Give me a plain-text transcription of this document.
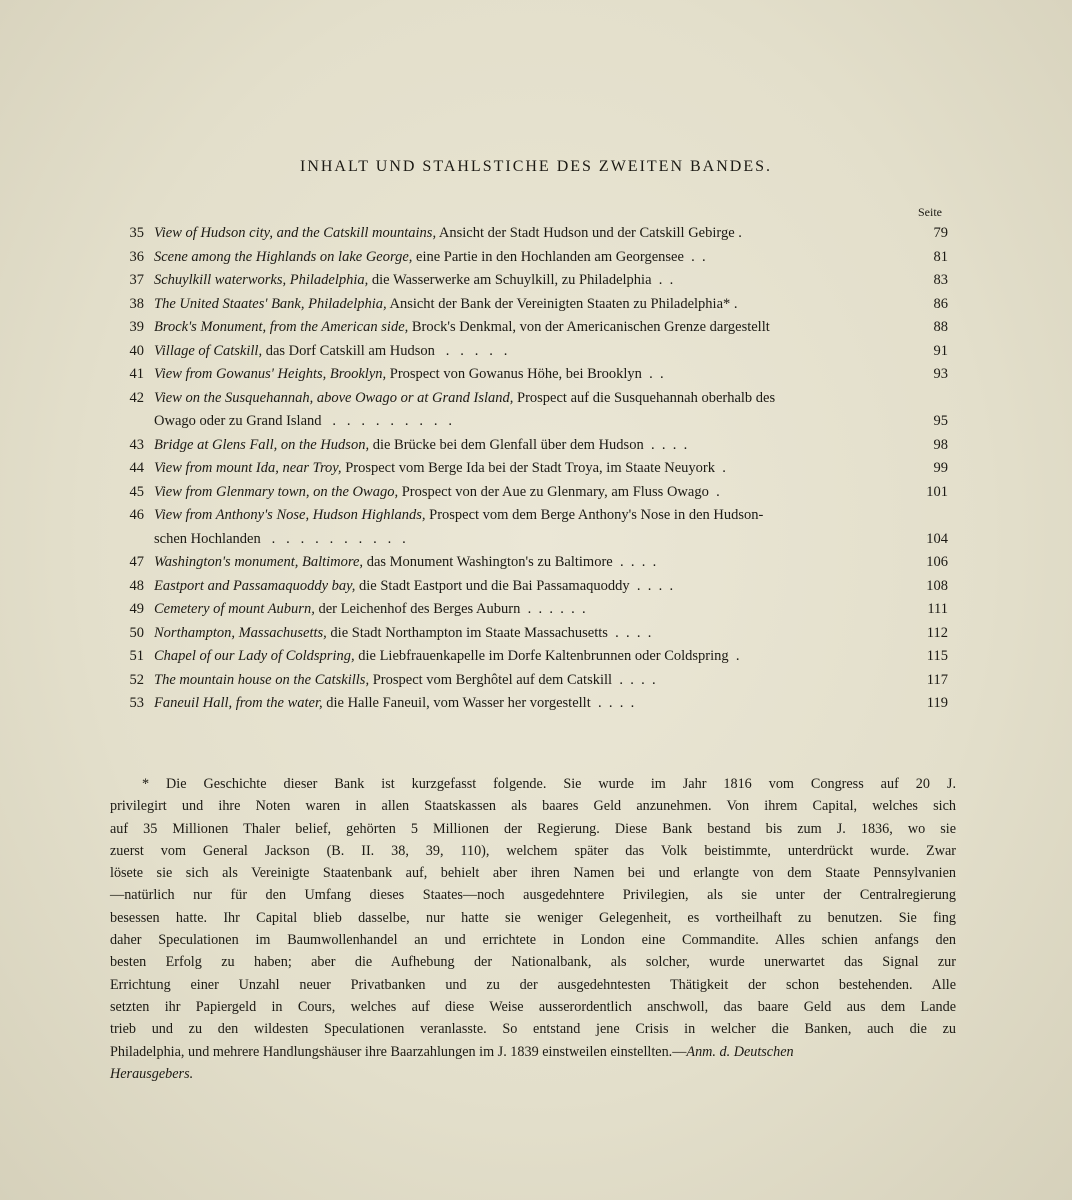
INHALT UND STAHLSTICHE DES ZWEITEN BANDES.
Seite
35 View of Hudson city, and the Catskill mountains, Ansicht der Stadt Hudson und der Catskill Gebirge .	79
36 Scene among the Highlands on lake George, eine Partie in den Hochlanden am Georgensee  .  .	81
37 Schuylkill waterworks, Philadelphia, die Wasserwerke am Schuylkill, zu Philadelphia  .  .	83
38 The United Staates' Bank, Philadelphia, Ansicht der Bank der Vereinigten Staaten zu Philadelphia* .	86
39 Brock's Monument, from the American side, Brock's Denkmal, von der Americanischen Grenze dargestellt	88
40 Village of Catskill, das Dorf Catskill am Hudson   .   .   .   .   .	91
41 View from Gowanus' Heights, Brooklyn, Prospect von Gowanus Höhe, bei Brooklyn  .  .	93
42 View on the Susquehannah, above Owago or at Grand Island, Prospect auf die Susquehannah oberhalb des
Owago oder zu Grand Island   .   .   .   .   .   .   .   .   .	95
43 Bridge at Glens Fall, on the Hudson, die Brücke bei dem Glenfall über dem Hudson  .  .  .  .	98
44 View from mount Ida, near Troy, Prospect vom Berge Ida bei der Stadt Troya, im Staate Neuyork  .	99
45 View from Glenmary town, on the Owago, Prospect von der Aue zu Glenmary, am Fluss Owago  .	101
46 View from Anthony's Nose, Hudson Highlands, Prospect vom dem Berge Anthony's Nose in den Hudson-
schen Hochlanden   .   .   .   .   .   .   .   .   .   .	104
47 Washington's monument, Baltimore, das Monument Washington's zu Baltimore  .  .  .  .	106
48 Eastport and Passamaquoddy bay, die Stadt Eastport und die Bai Passamaquoddy  .  .  .  .	108
49 Cemetery of mount Auburn, der Leichenhof des Berges Auburn  .  .  .  .  .  .	111
50 Northampton, Massachusetts, die Stadt Northampton im Staate Massachusetts  .  .  .  .	112
51 Chapel of our Lady of Coldspring, die Liebfrauenkapelle im Dorfe Kaltenbrunnen oder Coldspring  .	115
52 The mountain house on the Catskills, Prospect vom Berghôtel auf dem Catskill  .  .  .  .	117
53 Faneuil Hall, from the water, die Halle Faneuil, vom Wasser her vorgestellt  .  .  .  .	119
* Die Geschichte dieser Bank ist kurzgefasst folgende. Sie wurde im Jahr 1816 vom Congress auf 20 J.
privilegirt und ihre Noten waren in allen Staatskassen als baares Geld anzunehmen. Von ihrem Capital, welches sich
auf 35 Millionen Thaler belief, gehörten 5 Millionen der Regierung. Diese Bank bestand bis zum J. 1836, wo sie
zuerst vom General Jackson (B. II. 38, 39, 110), welchem später das Volk beistimmte, unterdrückt wurde. Zwar
lösete sie sich als Vereinigte Staatenbank auf, behielt aber ihren Namen bei und erlangte von dem Staate Pennsylvanien
—natürlich nur für den Umfang dieses Staates—noch ausgedehntere Privilegien, als sie unter der Centralregierung
besessen hatte. Ihr Capital blieb dasselbe, nur hatte sie weniger Gelegenheit, es vortheilhaft zu benutzen. Sie fing
daher Speculationen im Baumwollenhandel an und errichtete in London eine Commandite. Alles schien anfangs den
besten Erfolg zu haben; aber die Aufhebung der Nationalbank, als solcher, wurde unerwartet das Signal zur
Errichtung einer Unzahl neuer Privatbanken und zu der ausgedehntesten Thätigkeit der schon bestehenden. Alle
setzten ihr Papiergeld in Cours, welches auf diese Weise ausserordentlich anschwoll, das baare Geld aus dem Lande
trieb und zu den wildesten Speculationen veranlasste. So entstand jene Crisis in welcher die Banken, auch die zu
Philadelphia, und mehrere Handlungshäuser ihre Baarzahlungen im J. 1839 einstweilen einstellten.—Anm. d. Deutschen
Herausgebers.
